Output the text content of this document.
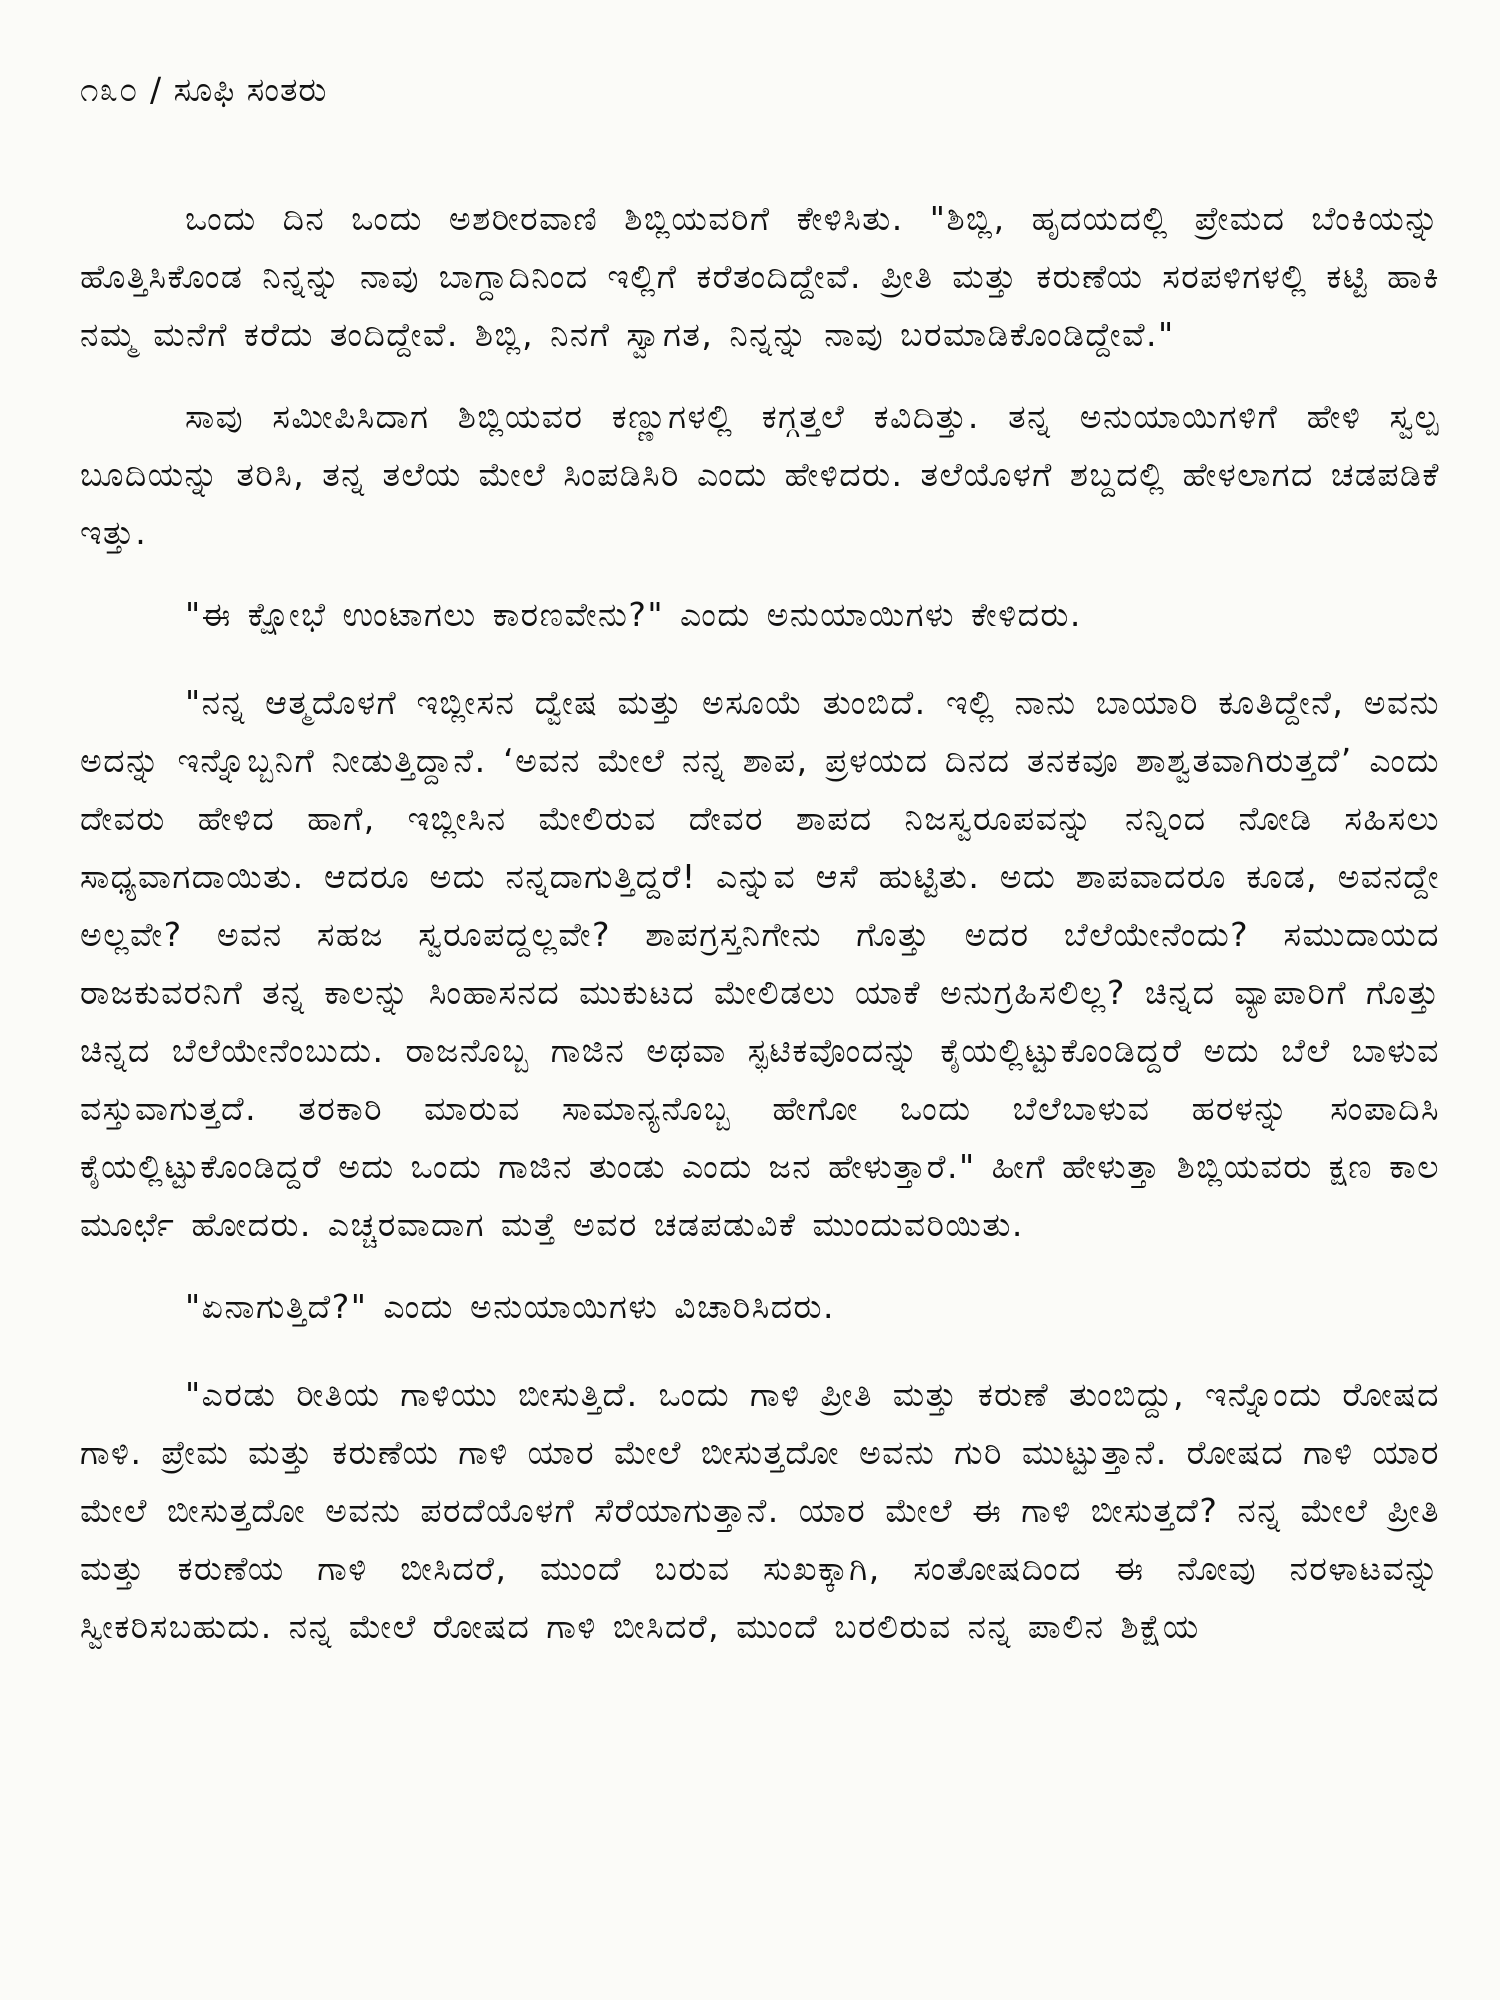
೧೩೦ / ಸೂಫಿ ಸಂತರು

ಒಂದು ದಿನ ಒಂದು ಅಶರೀರವಾಣಿ ಶಿಬ್ಲಿಯವರಿಗೆ ಕೇಳಿಸಿತು. "ಶಿಬ್ಲಿ, ಹೃದಯದಲ್ಲಿ ಪ್ರೇಮದ ಬೆಂಕಿಯನ್ನು ಹೊತ್ತಿಸಿಕೊಂಡ ನಿನ್ನನ್ನು ನಾವು ಬಾಗ್ದಾದಿನಿಂದ ಇಲ್ಲಿಗೆ ಕರೆತಂದಿದ್ದೇವೆ. ಪ್ರೀತಿ ಮತ್ತು ಕರುಣೆಯ ಸರಪಳಿಗಳಲ್ಲಿ ಕಟ್ಟಿ ಹಾಕಿ ನಮ್ಮ ಮನೆಗೆ ಕರೆದು ತಂದಿದ್ದೇವೆ. ಶಿಬ್ಲಿ, ನಿನಗೆ ಸ್ವಾಗತ, ನಿನ್ನನ್ನು ನಾವು ಬರಮಾಡಿಕೊಂಡಿದ್ದೇವೆ."

ಸಾವು ಸಮೀಪಿಸಿದಾಗ ಶಿಬ್ಲಿಯವರ ಕಣ್ಣುಗಳಲ್ಲಿ ಕಗ್ಗತ್ತಲೆ ಕವಿದಿತ್ತು. ತನ್ನ ಅನುಯಾಯಿಗಳಿಗೆ ಹೇಳಿ ಸ್ವಲ್ಪ ಬೂದಿಯನ್ನು ತರಿಸಿ, ತನ್ನ ತಲೆಯ ಮೇಲೆ ಸಿಂಪಡಿಸಿರಿ ಎಂದು ಹೇಳಿದರು. ತಲೆಯೊಳಗೆ ಶಬ್ದದಲ್ಲಿ ಹೇಳಲಾಗದ ಚಡಪಡಿಕೆ ಇತ್ತು.

"ಈ ಕ್ಷೋಭೆ ಉಂಟಾಗಲು ಕಾರಣವೇನು?" ಎಂದು ಅನುಯಾಯಿಗಳು ಕೇಳಿದರು.

"ನನ್ನ ಆತ್ಮದೊಳಗೆ ಇಬ್ಲೀಸನ ದ್ವೇಷ ಮತ್ತು ಅಸೂಯೆ ತುಂಬಿದೆ. ಇಲ್ಲಿ ನಾನು ಬಾಯಾರಿ ಕೂತಿದ್ದೇನೆ, ಅವನು ಅದನ್ನು ಇನ್ನೊಬ್ಬನಿಗೆ ನೀಡುತ್ತಿದ್ದಾನೆ. ‘ಅವನ ಮೇಲೆ ನನ್ನ ಶಾಪ, ಪ್ರಳಯದ ದಿನದ ತನಕವೂ ಶಾಶ್ವತವಾಗಿರುತ್ತದೆ’ ಎಂದು ದೇವರು ಹೇಳಿದ ಹಾಗೆ, ಇಬ್ಲೀಸಿನ ಮೇಲಿರುವ ದೇವರ ಶಾಪದ ನಿಜಸ್ವರೂಪವನ್ನು ನನ್ನಿಂದ ನೋಡಿ ಸಹಿಸಲು ಸಾಧ್ಯವಾಗದಾಯಿತು. ಆದರೂ ಅದು ನನ್ನದಾಗುತ್ತಿದ್ದರೆ! ಎನ್ನುವ ಆಸೆ ಹುಟ್ಟಿತು. ಅದು ಶಾಪವಾದರೂ ಕೂಡ, ಅವನದ್ದೇ ಅಲ್ಲವೇ? ಅವನ ಸಹಜ ಸ್ವರೂಪದ್ದಲ್ಲವೇ? ಶಾಪಗ್ರಸ್ತನಿಗೇನು ಗೊತ್ತು ಅದರ ಬೆಲೆಯೇನೆಂದು? ಸಮುದಾಯದ ರಾಜಕುವರನಿಗೆ ತನ್ನ ಕಾಲನ್ನು ಸಿಂಹಾಸನದ ಮುಕುಟದ ಮೇಲಿಡಲು ಯಾಕೆ ಅನುಗ್ರಹಿಸಲಿಲ್ಲ? ಚಿನ್ನದ ವ್ಯಾಪಾರಿಗೆ ಗೊತ್ತು ಚಿನ್ನದ ಬೆಲೆಯೇನೆಂಬುದು. ರಾಜನೊಬ್ಬ ಗಾಜಿನ ಅಥವಾ ಸ್ಫಟಿಕವೊಂದನ್ನು ಕೈಯಲ್ಲಿಟ್ಟುಕೊಂಡಿದ್ದರೆ ಅದು ಬೆಲೆ ಬಾಳುವ ವಸ್ತುವಾಗುತ್ತದೆ. ತರಕಾರಿ ಮಾರುವ ಸಾಮಾನ್ಯನೊಬ್ಬ ಹೇಗೋ ಒಂದು ಬೆಲೆಬಾಳುವ ಹರಳನ್ನು ಸಂಪಾದಿಸಿ ಕೈಯಲ್ಲಿಟ್ಟುಕೊಂಡಿದ್ದರೆ ಅದು ಒಂದು ಗಾಜಿನ ತುಂಡು ಎಂದು ಜನ ಹೇಳುತ್ತಾರೆ." ಹೀಗೆ ಹೇಳುತ್ತಾ ಶಿಬ್ಲಿಯವರು ಕ್ಷಣ ಕಾಲ ಮೂರ್ಛೆ ಹೋದರು. ಎಚ್ಚರವಾದಾಗ ಮತ್ತೆ ಅವರ ಚಡಪಡುವಿಕೆ ಮುಂದುವರಿಯಿತು.

"ಏನಾಗುತ್ತಿದೆ?" ಎಂದು ಅನುಯಾಯಿಗಳು ವಿಚಾರಿಸಿದರು.

"ಎರಡು ರೀತಿಯ ಗಾಳಿಯು ಬೀಸುತ್ತಿದೆ. ಒಂದು ಗಾಳಿ ಪ್ರೀತಿ ಮತ್ತು ಕರುಣೆ ತುಂಬಿದ್ದು, ಇನ್ನೊಂದು ರೋಷದ ಗಾಳಿ. ಪ್ರೇಮ ಮತ್ತು ಕರುಣೆಯ ಗಾಳಿ ಯಾರ ಮೇಲೆ ಬೀಸುತ್ತದೋ ಅವನು ಗುರಿ ಮುಟ್ಟುತ್ತಾನೆ. ರೋಷದ ಗಾಳಿ ಯಾರ ಮೇಲೆ ಬೀಸುತ್ತದೋ ಅವನು ಪರದೆಯೊಳಗೆ ಸೆರೆಯಾಗುತ್ತಾನೆ. ಯಾರ ಮೇಲೆ ಈ ಗಾಳಿ ಬೀಸುತ್ತದೆ? ನನ್ನ ಮೇಲೆ ಪ್ರೀತಿ ಮತ್ತು ಕರುಣೆಯ ಗಾಳಿ ಬೀಸಿದರೆ, ಮುಂದೆ ಬರುವ ಸುಖಕ್ಕಾಗಿ, ಸಂತೋಷದಿಂದ ಈ ನೋವು ನರಳಾಟವನ್ನು ಸ್ವೀಕರಿಸಬಹುದು. ನನ್ನ ಮೇಲೆ ರೋಷದ ಗಾಳಿ ಬೀಸಿದರೆ, ಮುಂದೆ ಬರಲಿರುವ ನನ್ನ ಪಾಲಿನ ಶಿಕ್ಷೆಯ
